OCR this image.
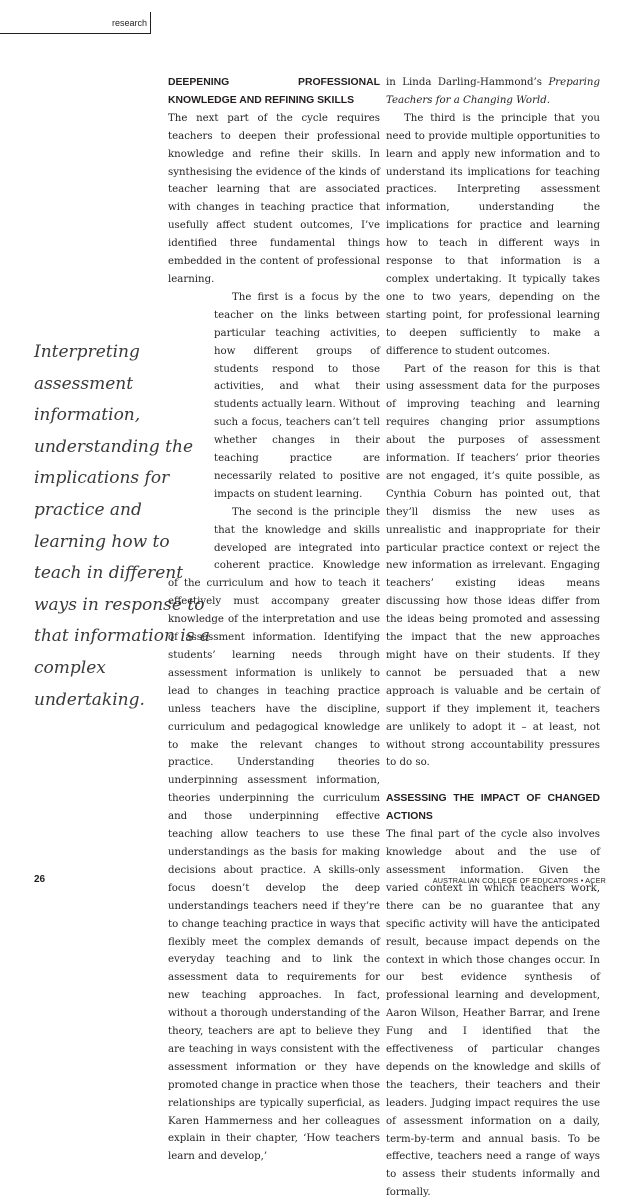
research
DEEPENING PROFESSIONAL KNOWLEDGE AND REFINING SKILLS

The next part of the cycle requires teachers to deepen their professional knowledge and refine their skills. In synthesising the evidence of the kinds of teacher learning that are associated with changes in teaching practice that usefully affect student outcomes, I’ve identified three fundamental things embedded in the content of professional learning.

The first is a focus by the teacher on the links between particular teaching activities, how different groups of students respond to those activities, and what their students actually learn. Without such a focus, teachers can’t tell whether changes in their teaching practice are necessarily related to positive impacts on student learning.

The second is the principle that the knowledge and skills developed are integrated into coherent practice. Knowledge of the curriculum and how to teach it effectively must accompany greater knowledge of the interpretation and use of assessment information. Identifying students’ learning needs through assessment information is unlikely to lead to changes in teaching practice unless teachers have the discipline, curriculum and pedagogical knowledge to make the relevant changes to practice. Understanding theories underpinning assessment information, theories underpinning the curriculum and those underpinning effective teaching allow teachers to use these understandings as the basis for making decisions about practice. A skills-only focus doesn’t develop the deep understandings teachers need if they’re to change teaching practice in ways that flexibly meet the complex demands of everyday teaching and to link the assessment data to requirements for new teaching approaches. In fact, without a thorough understanding of the theory, teachers are apt to believe they are teaching in ways consistent with the assessment information or they have promoted change in practice when those relationships are typically superficial, as Karen Hammerness and her colleagues explain in their chapter, ‘How teachers learn and develop,’

Interpreting assessment information, understanding the implications for practice and learning how to teach in different ways in response to that information is a complex undertaking.

in Linda Darling-Hammond’s Preparing Teachers for a Changing World.

The third is the principle that you need to provide multiple opportunities to learn and apply new information and to understand its implications for teaching practices. Interpreting assessment information, understanding the implications for practice and learning how to teach in different ways in response to that information is a complex undertaking. It typically takes one to two years, depending on the starting point, for professional learning to deepen sufficiently to make a difference to student outcomes.

Part of the reason for this is that using assessment data for the purposes of improving teaching and learning requires changing prior assumptions about the purposes of assessment information. If teachers’ prior theories are not engaged, it’s quite possible, as Cynthia Coburn has pointed out, that they’ll dismiss the new uses as unrealistic and inappropriate for their particular practice context or reject the new information as irrelevant. Engaging teachers’ existing ideas means discussing how those ideas differ from the ideas being promoted and assessing the impact that the new approaches might have on their students. If they cannot be persuaded that a new approach is valuable and be certain of support if they implement it, teachers are unlikely to adopt it – at least, not without strong accountability pressures to do so.

ASSESSING THE IMPACT OF CHANGED ACTIONS

The final part of the cycle also involves knowledge about and the use of assessment information. Given the varied context in which teachers work, there can be no guarantee that any specific activity will have the anticipated result, because impact depends on the context in which those changes occur. In our best evidence synthesis of professional learning and development, Aaron Wilson, Heather Barrar, and Irene Fung and I identified that the effectiveness of particular changes depends on the knowledge and skills of the teachers, their teachers and their leaders. Judging impact requires the use of assessment information on a daily, term-by-term and annual basis. To be effective, teachers need a range of ways to assess their students informally and formally.

26	AUSTRALIAN COLLEGE OF EDUCATORS • ACER
